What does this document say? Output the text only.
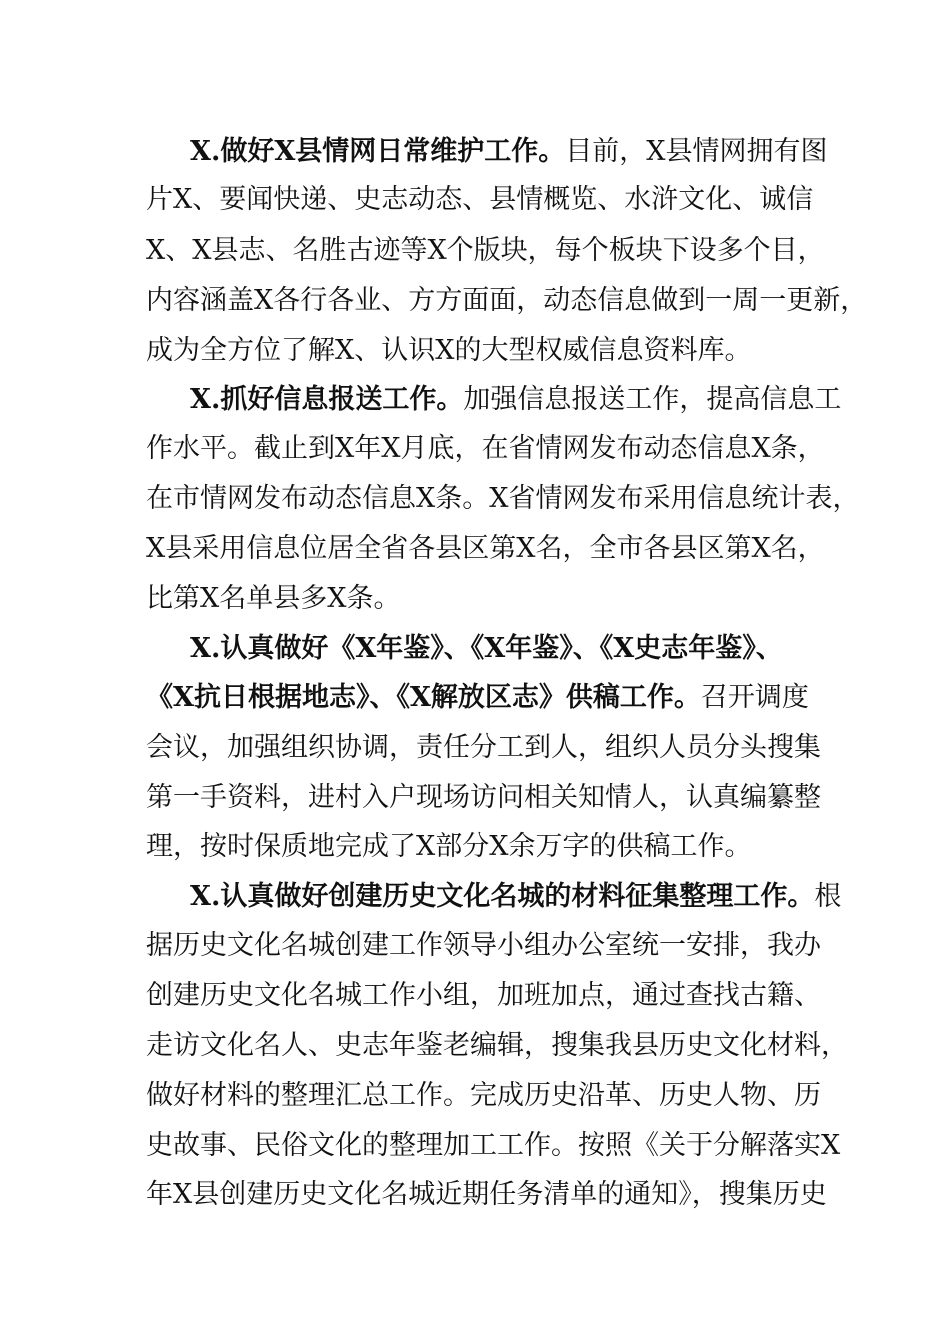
X.做好X县情网日常维护工作。目前，X县情网拥有图

片X、要闻快递、史志动态、县情概览、水浒文化、诚信

X、X县志、名胜古迹等X个版块，每个板块下设多个目，

内容涵盖X各行各业、方方面面，动态信息做到一周一更新，

成为全方位了解X、认识X的大型权威信息资料库。

X.抓好信息报送工作。加强信息报送工作，提高信息工

作水平。截止到X年X月底，在省情网发布动态信息X条，

在市情网发布动态信息X条。X省情网发布采用信息统计表，

X县采用信息位居全省各县区第X名，全市各县区第X名，

比第X名单县多X条。

X.认真做好《X年鉴》、《X年鉴》、《X史志年鉴》、

《X抗日根据地志》、《X解放区志》供稿工作。召开调度

会议，加强组织协调，责任分工到人，组织人员分头搜集

第一手资料，进村入户现场访问相关知情人，认真编纂整

理，按时保质地完成了X部分X余万字的供稿工作。

X.认真做好创建历史文化名城的材料征集整理工作。根

据历史文化名城创建工作领导小组办公室统一安排，我办

创建历史文化名城工作小组，加班加点，通过查找古籍、

走访文化名人、史志年鉴老编辑，搜集我县历史文化材料，

做好材料的整理汇总工作。完成历史沿革、历史人物、历

史故事、民俗文化的整理加工工作。按照《关于分解落实X

年X县创建历史文化名城近期任务清单的通知》，搜集历史
